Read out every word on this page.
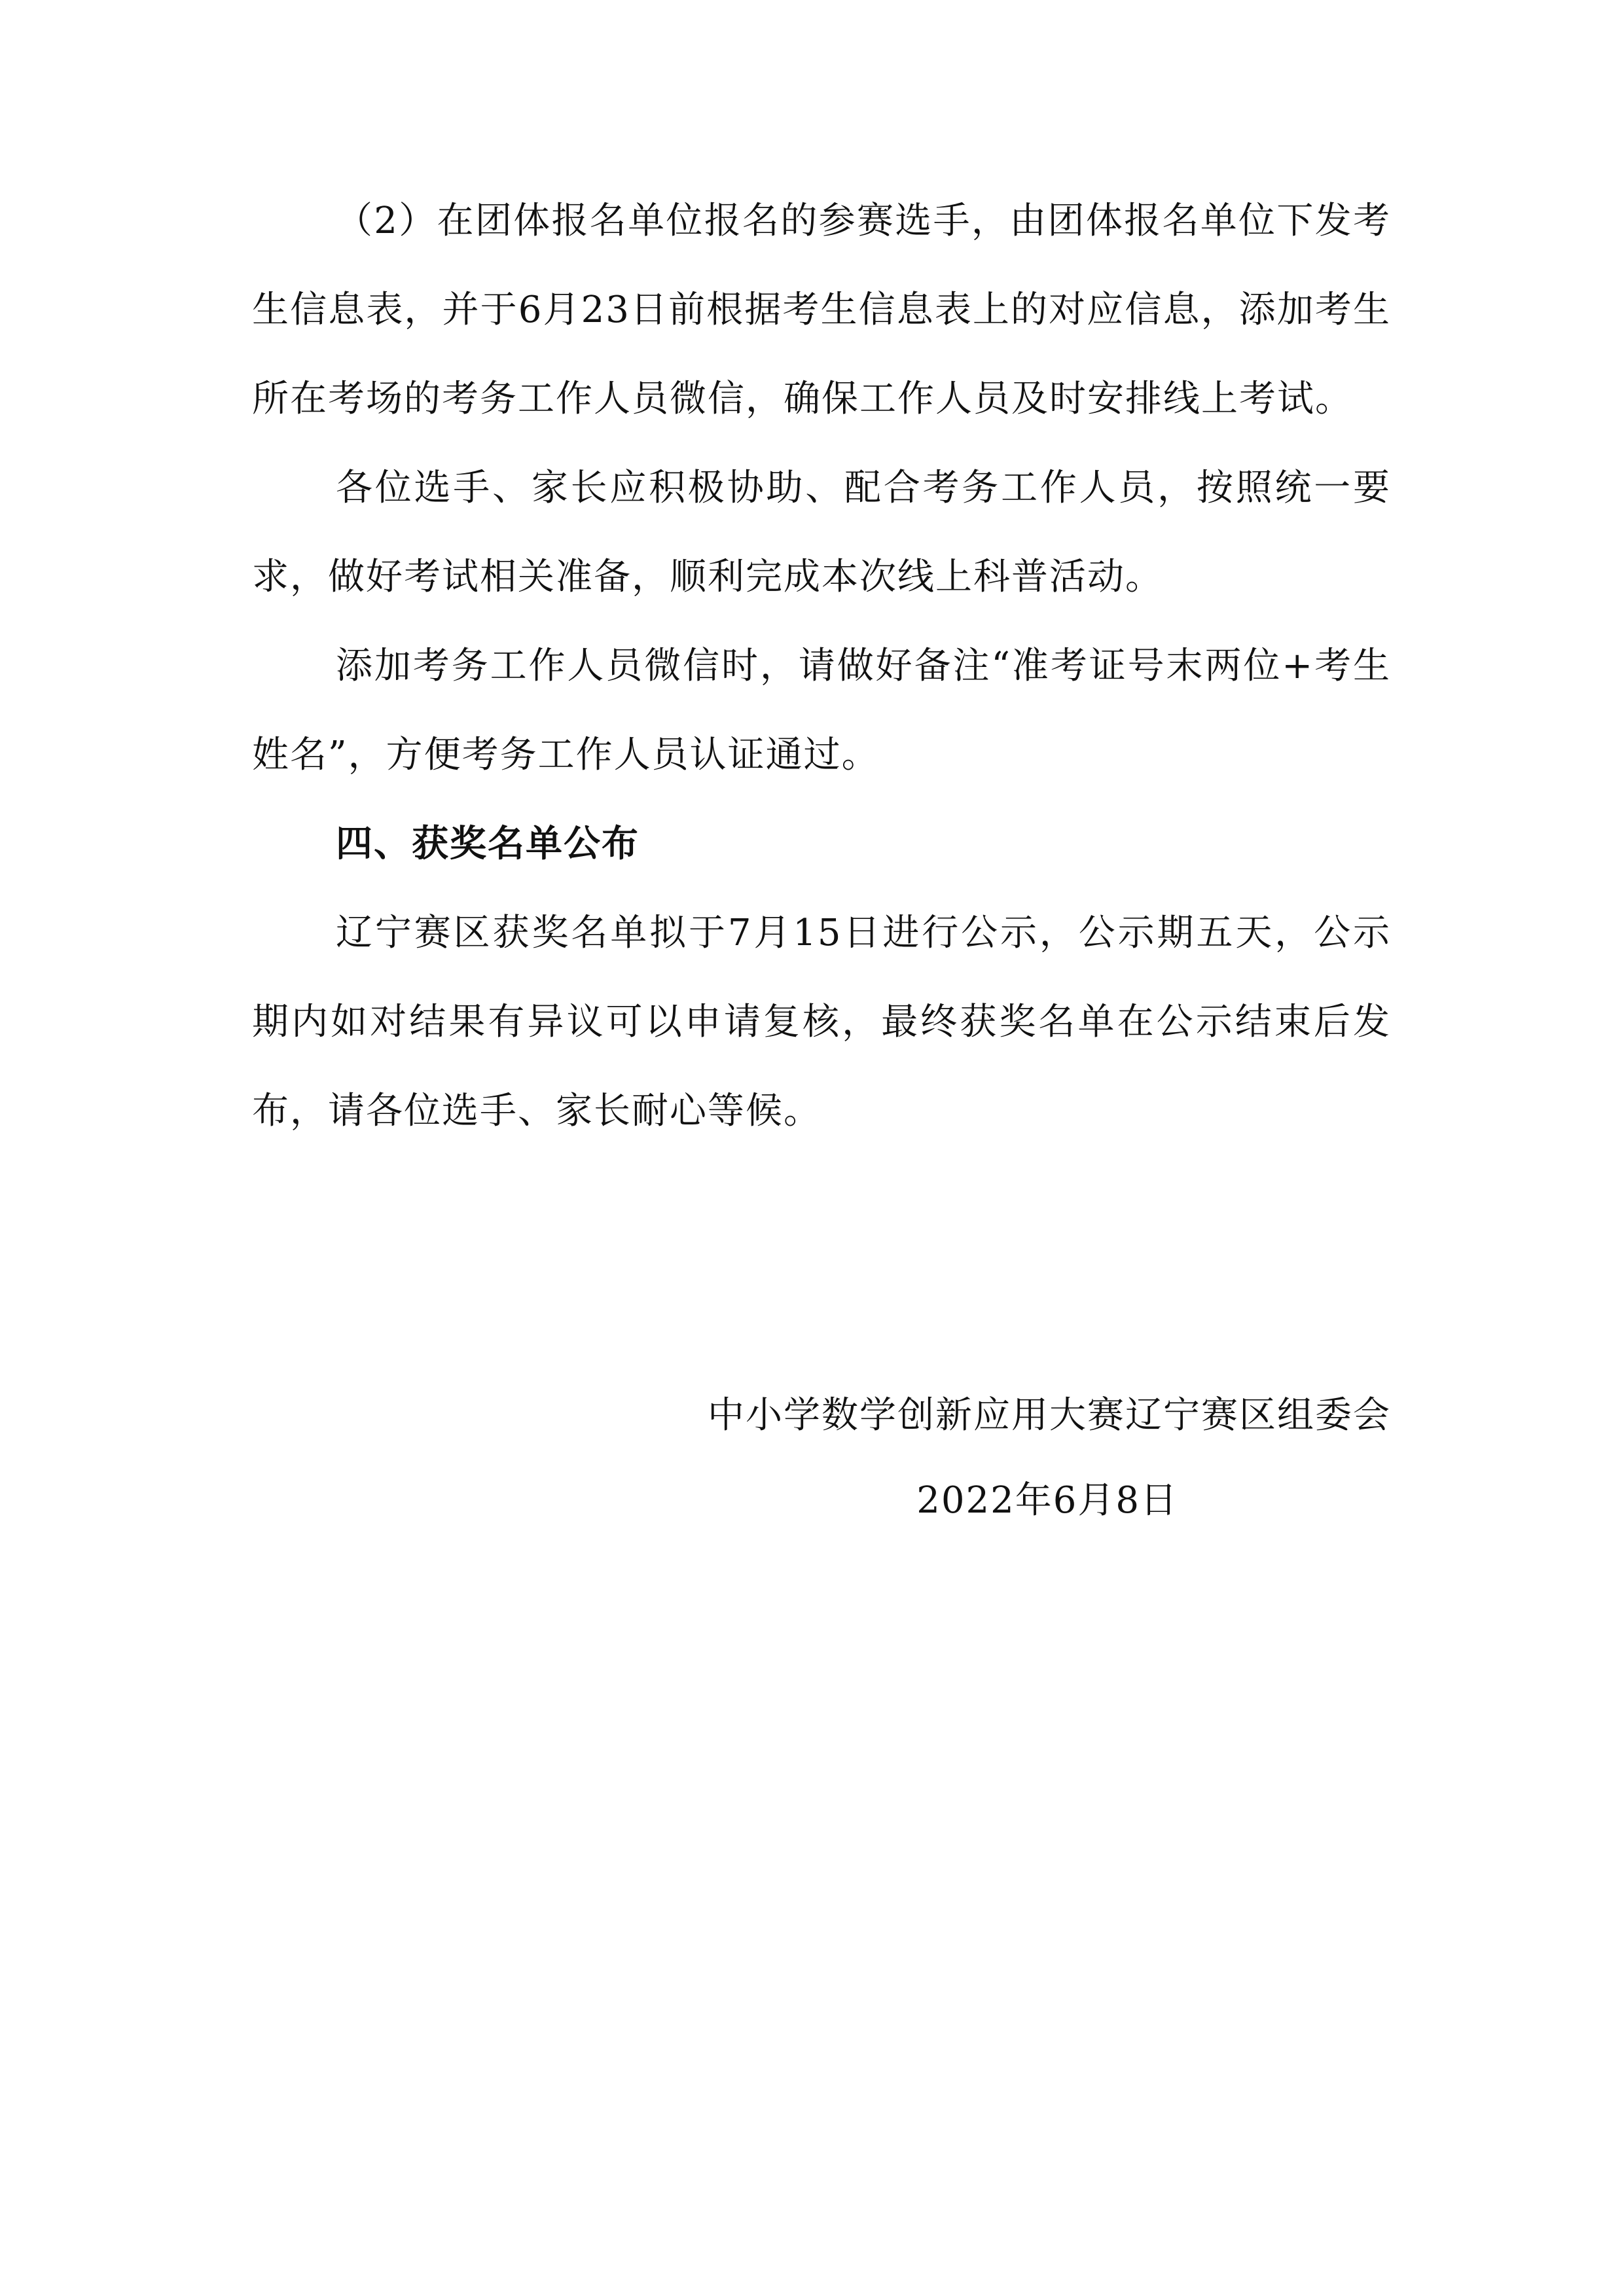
（2）在团体报名单位报名的参赛选手，由团体报名单位下发考生信息表，并于6月23日前根据考生信息表上的对应信息，添加考生所在考场的考务工作人员微信，确保工作人员及时安排线上考试。

各位选手、家长应积极协助、配合考务工作人员，按照统一要求，做好考试相关准备，顺利完成本次线上科普活动。

添加考务工作人员微信时，请做好备注“准考证号末两位+考生姓名”，方便考务工作人员认证通过。

四、获奖名单公布

辽宁赛区获奖名单拟于7月15日进行公示，公示期五天，公示期内如对结果有异议可以申请复核，最终获奖名单在公示结束后发布，请各位选手、家长耐心等候。

中小学数学创新应用大赛辽宁赛区组委会
2022年6月8日
